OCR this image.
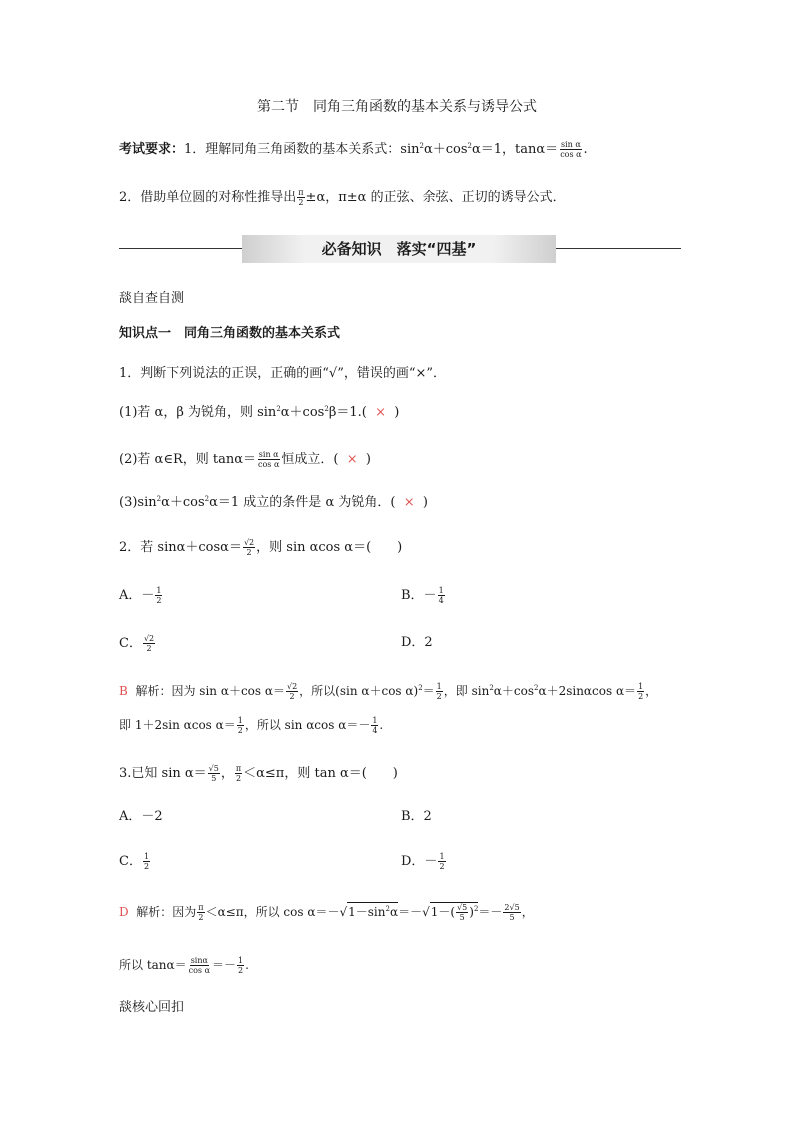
第二节　同角三角函数的基本关系与诱导公式
考试要求：1．理解同角三角函数的基本关系式：$\sin^2\alpha+\cos^2\alpha=1$，$\tan\alpha= \frac{\text{sin α}}{\text{cos α}}$ .
2．借助单位圆的对称性推导出 $\frac{\pi}{2} \pm\alpha$，π±α 的正弦、余弦、正切的诱导公式．
必备知识　落实“四基”
舕自查自测
知识点一　同角三角函数的基本关系式
1．判断下列说法的正误，正确的画“√”，错误的画“×”．
(1)若 α，β 为锐角，则 $\sin^2\alpha+\cos^2\beta=1$.( × )
(2)若 α∈R，则 $\tan\alpha= \frac{\text{sin α}}{\text{cos α}}$ 恒成立．( × )
$(3)\sin^2\alpha+\cos^2\alpha=1$ 成立的条件是 α 为锐角．( × )
2．若 $\sin\alpha+\cos\alpha= \frac{√2}{2}$ ，则 sin αcos α＝(　　)
A．－ $\frac{1}{2}$	B．－ $\frac{1}{4}$
C． $\frac{√2}{2}$	D．2
B 解析：因为 sin α＋cos $\alpha= \frac{√2}{2}$ ，所以(sin α＋cos $\alpha)^2= \frac{1}{2}$ ，即 $\sin^2\alpha+\cos^2\alpha+2\sin\alpha\cos$ $\alpha= \frac{1}{2}$ ，
即 1＋2sin αcos $\alpha= \frac{1}{2}$ ，所以 sin αcos $\alpha=- \frac{1}{4}$ .
3.已知 $\sin \alpha= \frac{√5}{5}$ ， $\frac{\pi}{2} <\alpha\le\pi$，则 tan α＝(　　)
A．－2	B．2
C． $\frac{1}{2}$	D．－ $\frac{1}{2}$
D 解析：因为 $\frac{\pi}{2} <\alpha\le\pi$，所以 $\cos \alpha=-√1-\sin^2\alpha=-√1-( \frac{√5}{5} )^2=- \frac{2√5}{5}$ ，
所以 $\tan\alpha= \frac{\sin\alpha}{\text{cos α}} =- \frac{1}{2}$ .
舕核心回扣
